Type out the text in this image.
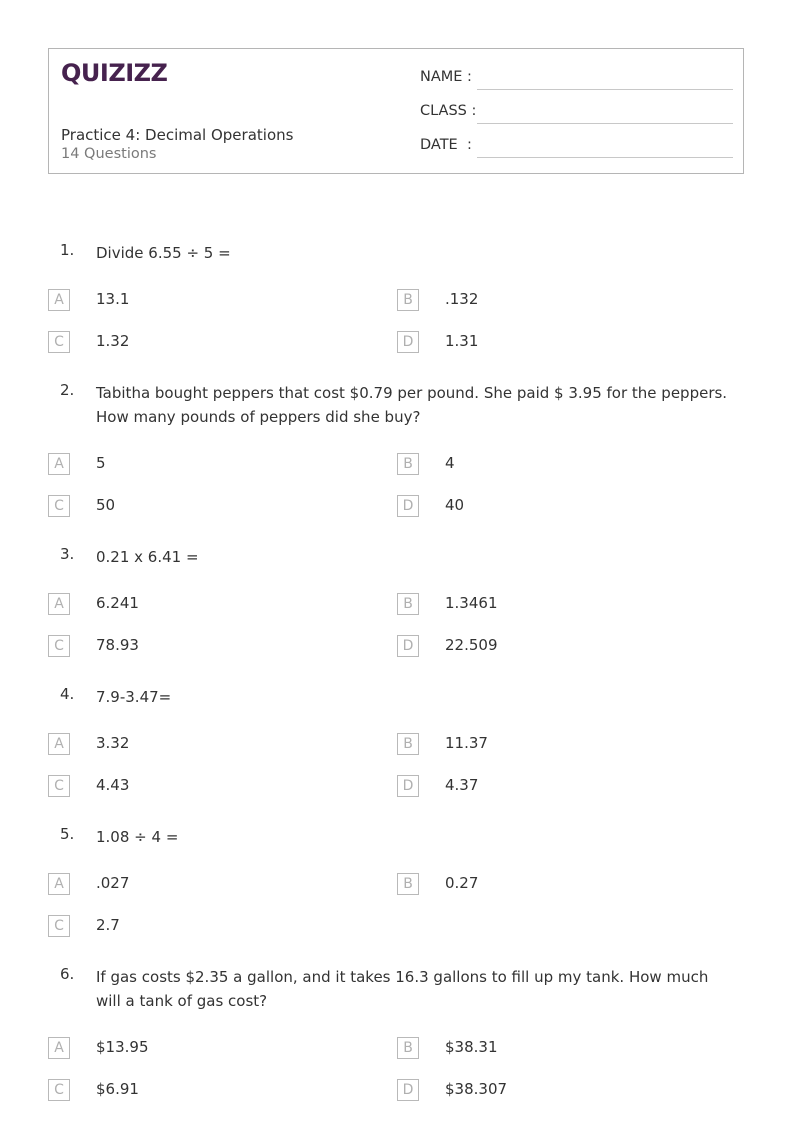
QUIZIZZ
Practice 4: Decimal Operations
14 Questions
NAME :
CLASS :
DATE  :
1. Divide 6.55 ÷ 5 =
A	13.1	B	.132
C	1.32	D	1.31
2. Tabitha bought peppers that cost $0.79 per pound. She paid $ 3.95 for the peppers. How many pounds of peppers did she buy?
A	5	B	4
C	50	D	40
3. 0.21 x 6.41 =
A	6.241	B	1.3461
C	78.93	D	22.509
4. 7.9-3.47=
A	3.32	B	11.37
C	4.43	D	4.37
5. 1.08 ÷ 4 =
A	.027	B	0.27
C	2.7
6. If gas costs $2.35 a gallon, and it takes 16.3 gallons to fill up my tank. How much will a tank of gas cost?
A	$13.95	B	$38.31
C	$6.91	D	$38.307
